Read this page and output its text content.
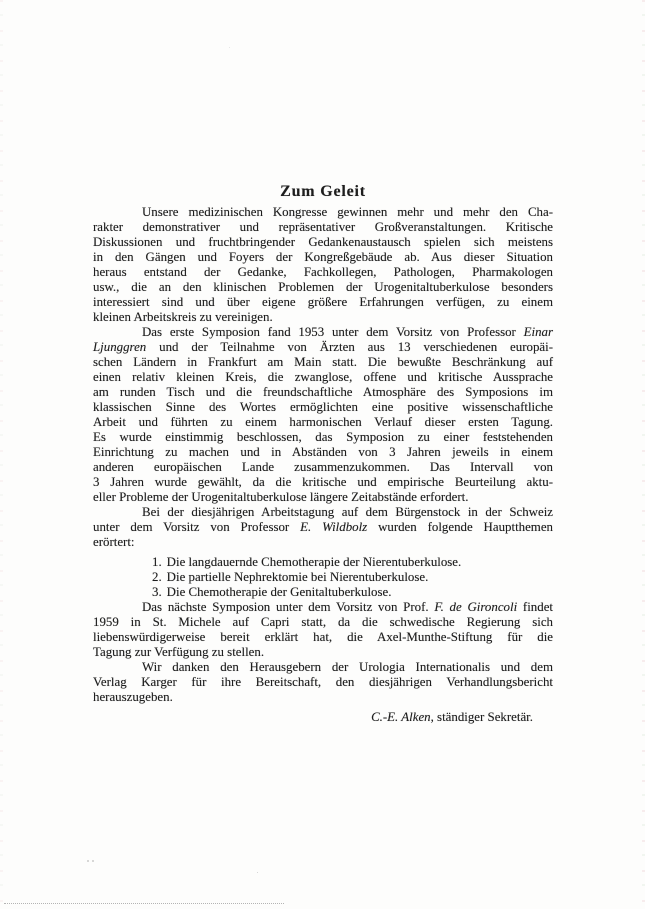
Zum Geleit
Unsere medizinischen Kongresse gewinnen mehr und mehr den Cha-
rakter demonstrativer und repräsentativer Großveranstaltungen. Kritische
Diskussionen und fruchtbringender Gedankenaustausch spielen sich meistens
in den Gängen und Foyers der Kongreßgebäude ab. Aus dieser Situation
heraus entstand der Gedanke, Fachkollegen, Pathologen, Pharmakologen
usw., die an den klinischen Problemen der Urogenitaltuberkulose besonders
interessiert sind und über eigene größere Erfahrungen verfügen, zu einem
kleinen Arbeitskreis zu vereinigen.
Das erste Symposion fand 1953 unter dem Vorsitz von Professor Einar
Ljunggren und der Teilnahme von Ärzten aus 13 verschiedenen europäi-
schen Ländern in Frankfurt am Main statt. Die bewußte Beschränkung auf
einen relativ kleinen Kreis, die zwanglose, offene und kritische Aussprache
am runden Tisch und die freundschaftliche Atmosphäre des Symposions im
klassischen Sinne des Wortes ermöglichten eine positive wissenschaftliche
Arbeit und führten zu einem harmonischen Verlauf dieser ersten Tagung.
Es wurde einstimmig beschlossen, das Symposion zu einer feststehenden
Einrichtung zu machen und in Abständen von 3 Jahren jeweils in einem
anderen europäischen Lande zusammenzukommen. Das Intervall von
3 Jahren wurde gewählt, da die kritische und empirische Beurteilung aktu-
eller Probleme der Urogenitaltuberkulose längere Zeitabstände erfordert.
Bei der diesjährigen Arbeitstagung auf dem Bürgenstock in der Schweiz
unter dem Vorsitz von Professor E. Wildbolz wurden folgende Hauptthemen
erörtert:
1. Die langdauernde Chemotherapie der Nierentuberkulose.
2. Die partielle Nephrektomie bei Nierentuberkulose.
3. Die Chemotherapie der Genitaltuberkulose.
Das nächste Symposion unter dem Vorsitz von Prof. F. de Gironcoli findet
1959 in St. Michele auf Capri statt, da die schwedische Regierung sich
liebenswürdigerweise bereit erklärt hat, die Axel-Munthe-Stiftung für die
Tagung zur Verfügung zu stellen.
Wir danken den Herausgebern der Urologia Internationalis und dem
Verlag Karger für ihre Bereitschaft, den diesjährigen Verhandlungsbericht
herauszugeben.
C.-E. Alken, ständiger Sekretär.
